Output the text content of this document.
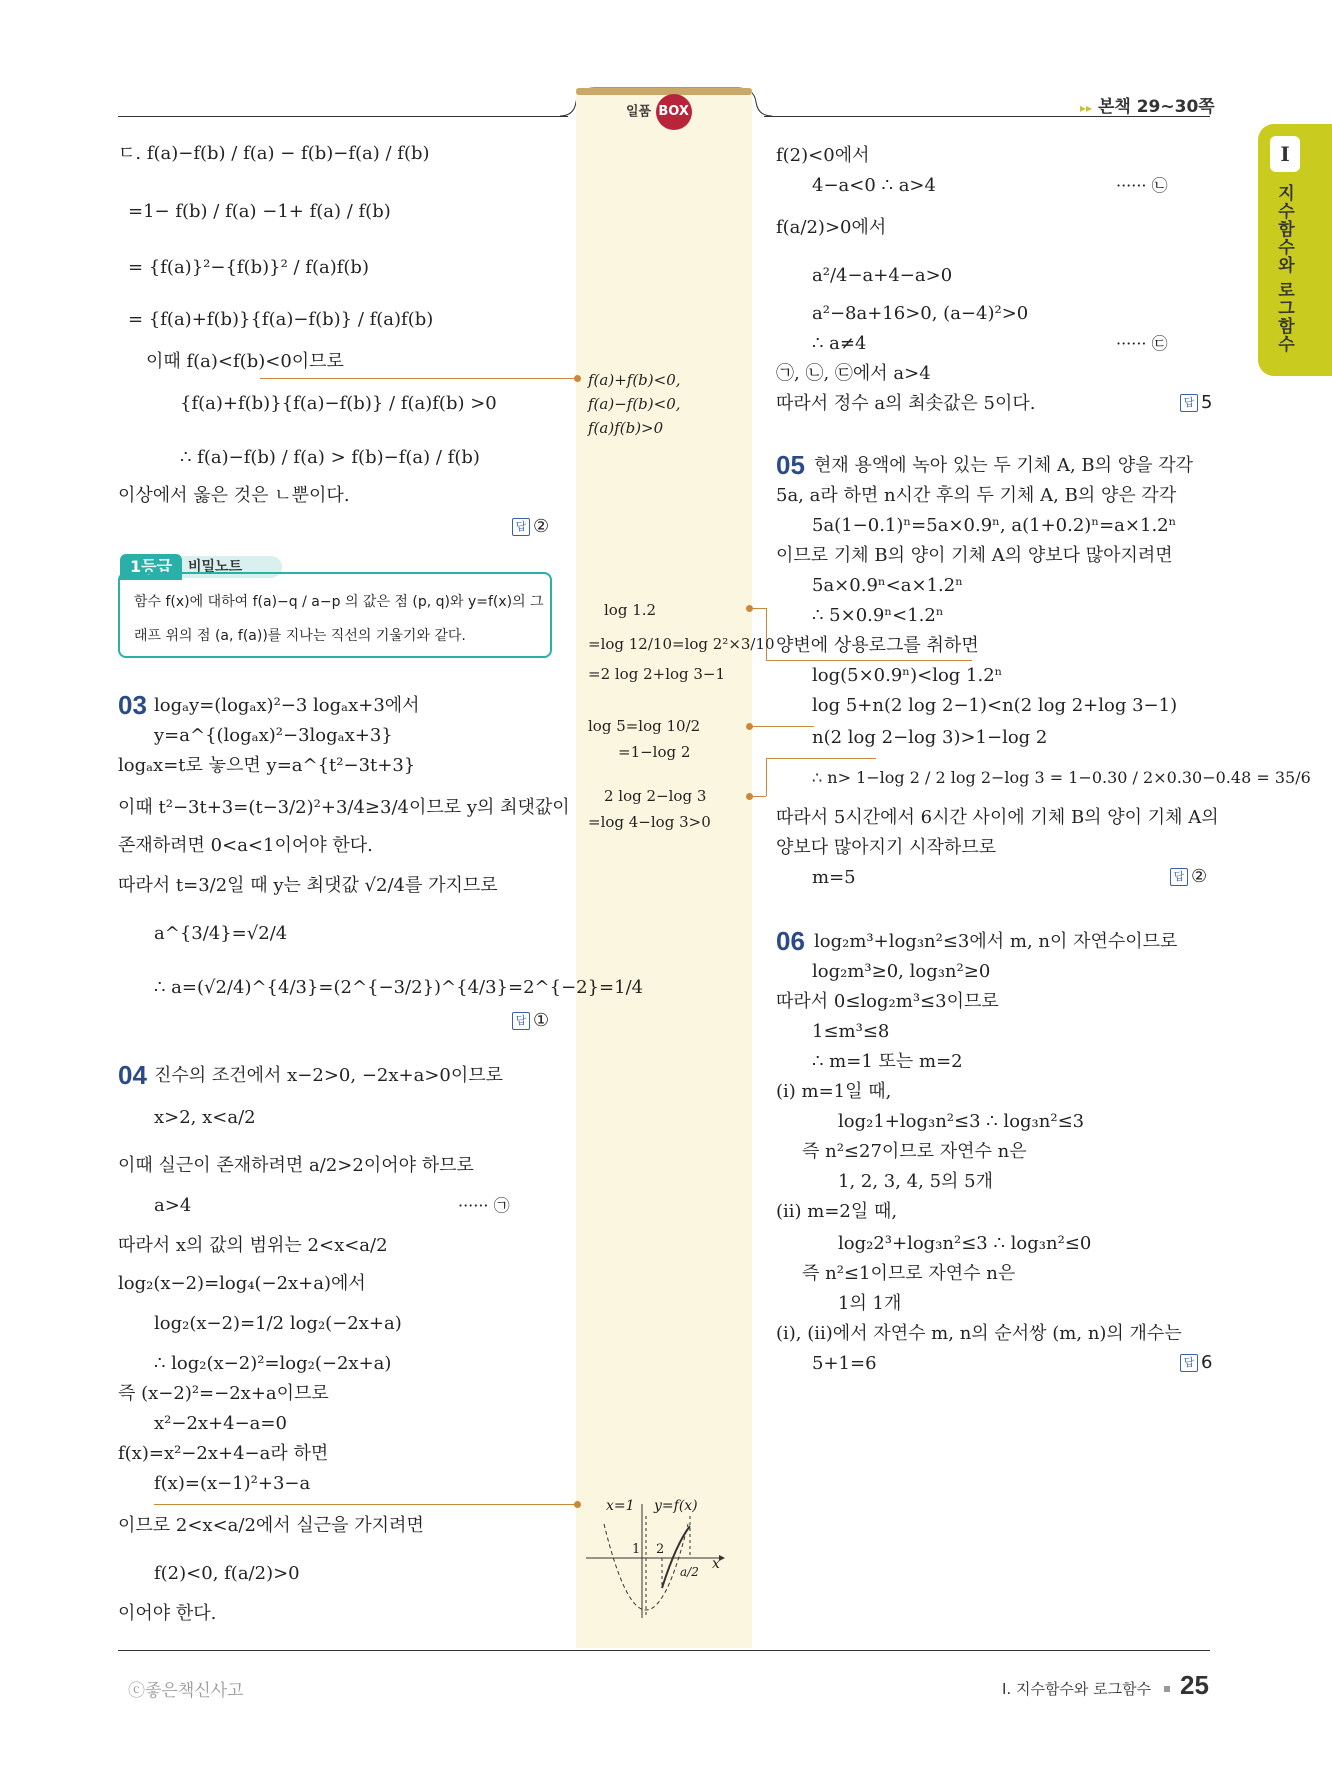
일품 BOX	▸▸ 본책 29~30쪽
I
지수함수와 로그함수
ㄷ. f(a)−f(b) / f(a) − f(b)−f(a) / f(b)
=1− f(b) / f(a) −1+ f(a) / f(b)
= {f(a)}²−{f(b)}² / f(a)f(b)
= {f(a)+f(b)}{f(a)−f(b)} / f(a)f(b)
이때 f(a)<f(b)<0이므로
{f(a)+f(b)}{f(a)−f(b)} / f(a)f(b) >0
∴ f(a)−f(b) / f(a) > f(b)−f(a) / f(b)
이상에서 옳은 것은 ㄴ뿐이다.
답 ②
1등급	비밀노트
함수 f(x)에 대하여 f(a)−q / a−p 의 값은 점 (p, q)와 y=f(x)의 그
래프 위의 점 (a, f(a))를 지나는 직선의 기울기와 같다.
03 logₐy=(logₐx)²−3 logₐx+3에서
y=a^{(logₐx)²−3logₐx+3}
logₐx=t로 놓으면 y=a^{t²−3t+3}
이때 t²−3t+3=(t−3/2)²+3/4≥3/4이므로 y의 최댓값이
존재하려면 0<a<1이어야 한다.
따라서 t=3/2일 때 y는 최댓값 √2/4를 가지므로
a^{3/4}=√2/4
∴ a=(√2/4)^{4/3}=(2^{−3/2})^{4/3}=2^{−2}=1/4
답 ①
04 진수의 조건에서 x−2>0, −2x+a>0이므로
x>2, x<a/2
이때 실근이 존재하려면 a/2>2이어야 하므로
a>4	······ ㉠
따라서 x의 값의 범위는 2<x<a/2
log₂(x−2)=log₄(−2x+a)에서
log₂(x−2)=1/2 log₂(−2x+a)
∴ log₂(x−2)²=log₂(−2x+a)
즉 (x−2)²=−2x+a이므로
x²−2x+4−a=0
f(x)=x²−2x+4−a라 하면
f(x)=(x−1)²+3−a
이므로 2<x<a/2에서 실근을 가지려면
f(2)<0, f(a/2)>0
이어야 한다.
f(a)+f(b)<0,
f(a)−f(b)<0,
f(a)f(b)>0
log 1.2
=log 12/10=log 2²×3/10
=2 log 2+log 3−1
log 5=log 10/2
=1−log 2
2 log 2−log 3
=log 4−log 3>0
x=1 y=f(x)
1 2
a/2 x
f(2)<0에서
4−a<0 ∴ a>4	······ ㉡
f(a/2)>0에서
a²/4−a+4−a>0
a²−8a+16>0, (a−4)²>0
∴ a≠4	······ ㉢
㉠, ㉡, ㉢에서 a>4
따라서 정수 a의 최솟값은 5이다.	답 5
05 현재 용액에 녹아 있는 두 기체 A, B의 양을 각각
5a, a라 하면 n시간 후의 두 기체 A, B의 양은 각각
5a(1−0.1)ⁿ=5a×0.9ⁿ, a(1+0.2)ⁿ=a×1.2ⁿ
이므로 기체 B의 양이 기체 A의 양보다 많아지려면
5a×0.9ⁿ<a×1.2ⁿ
∴ 5×0.9ⁿ<1.2ⁿ
양변에 상용로그를 취하면
log(5×0.9ⁿ)<log 1.2ⁿ
log 5+n(2 log 2−1)<n(2 log 2+log 3−1)
n(2 log 2−log 3)>1−log 2
∴ n> 1−log 2 / 2 log 2−log 3 = 1−0.30 / 2×0.30−0.48 = 35/6
따라서 5시간에서 6시간 사이에 기체 B의 양이 기체 A의
양보다 많아지기 시작하므로
m=5	답 ②
06 log₂m³+log₃n²≤3에서 m, n이 자연수이므로
log₂m³≥0, log₃n²≥0
따라서 0≤log₂m³≤3이므로
1≤m³≤8
∴ m=1 또는 m=2
(i) m=1일 때,
log₂1+log₃n²≤3 ∴ log₃n²≤3
즉 n²≤27이므로 자연수 n은
1, 2, 3, 4, 5의 5개
(ii) m=2일 때,
log₂2³+log₃n²≤3 ∴ log₃n²≤0
즉 n²≤1이므로 자연수 n은
1의 1개
(i), (ii)에서 자연수 m, n의 순서쌍 (m, n)의 개수는
5+1=6	답 6
ⓒ좋은책신사고	I. 지수함수와 로그함수 25
